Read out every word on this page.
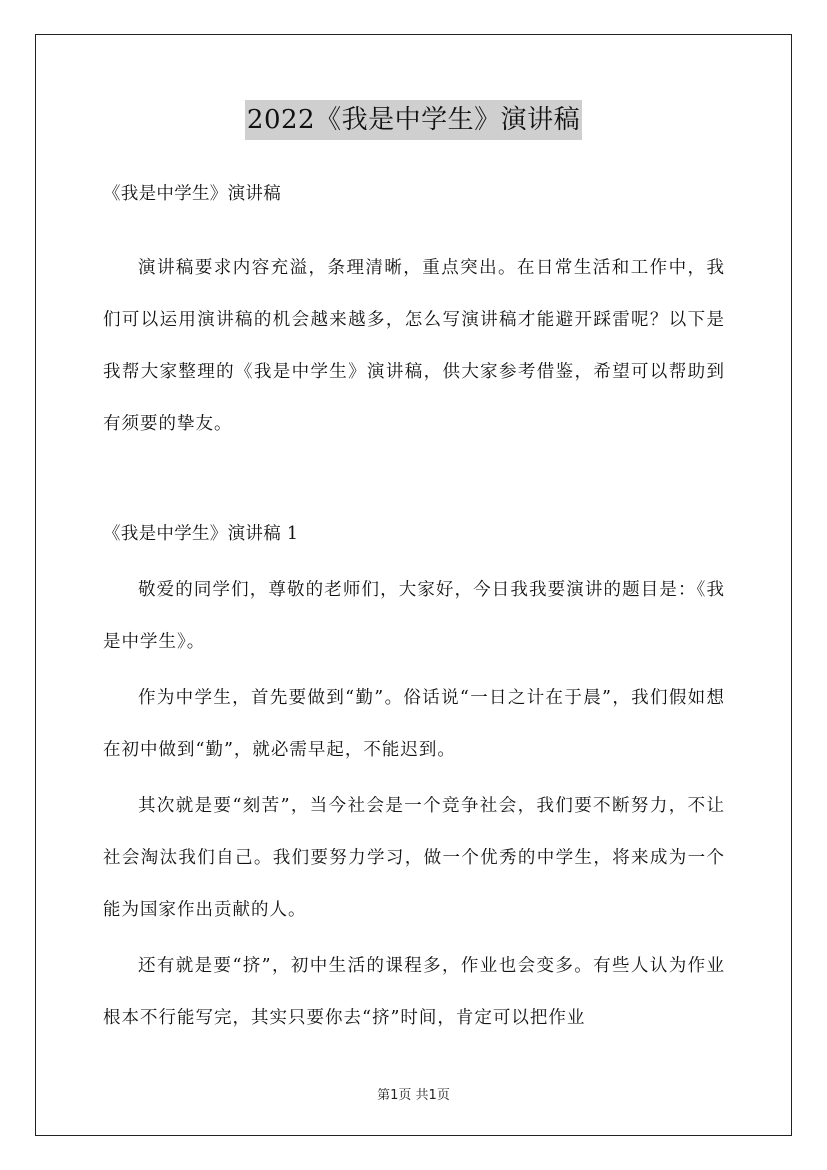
2022《我是中学生》演讲稿

《我是中学生》演讲稿

演讲稿要求内容充溢，条理清晰，重点突出。在日常生活和工作中，我们可以运用演讲稿的机会越来越多，怎么写演讲稿才能避开踩雷呢？以下是我帮大家整理的《我是中学生》演讲稿，供大家参考借鉴，希望可以帮助到有须要的挚友。

《我是中学生》演讲稿 1

敬爱的同学们，尊敬的老师们，大家好，今日我我要演讲的题目是：《我是中学生》。

作为中学生，首先要做到“勤”。俗话说“一日之计在于晨”，我们假如想在初中做到“勤”，就必需早起，不能迟到。

其次就是要“刻苦”，当今社会是一个竞争社会，我们要不断努力，不让社会淘汰我们自己。我们要努力学习，做一个优秀的中学生，将来成为一个能为国家作出贡献的人。

还有就是要“挤”，初中生活的课程多，作业也会变多。有些人认为作业根本不行能写完，其实只要你去“挤”时间，肯定可以把作业

第1页 共1页
